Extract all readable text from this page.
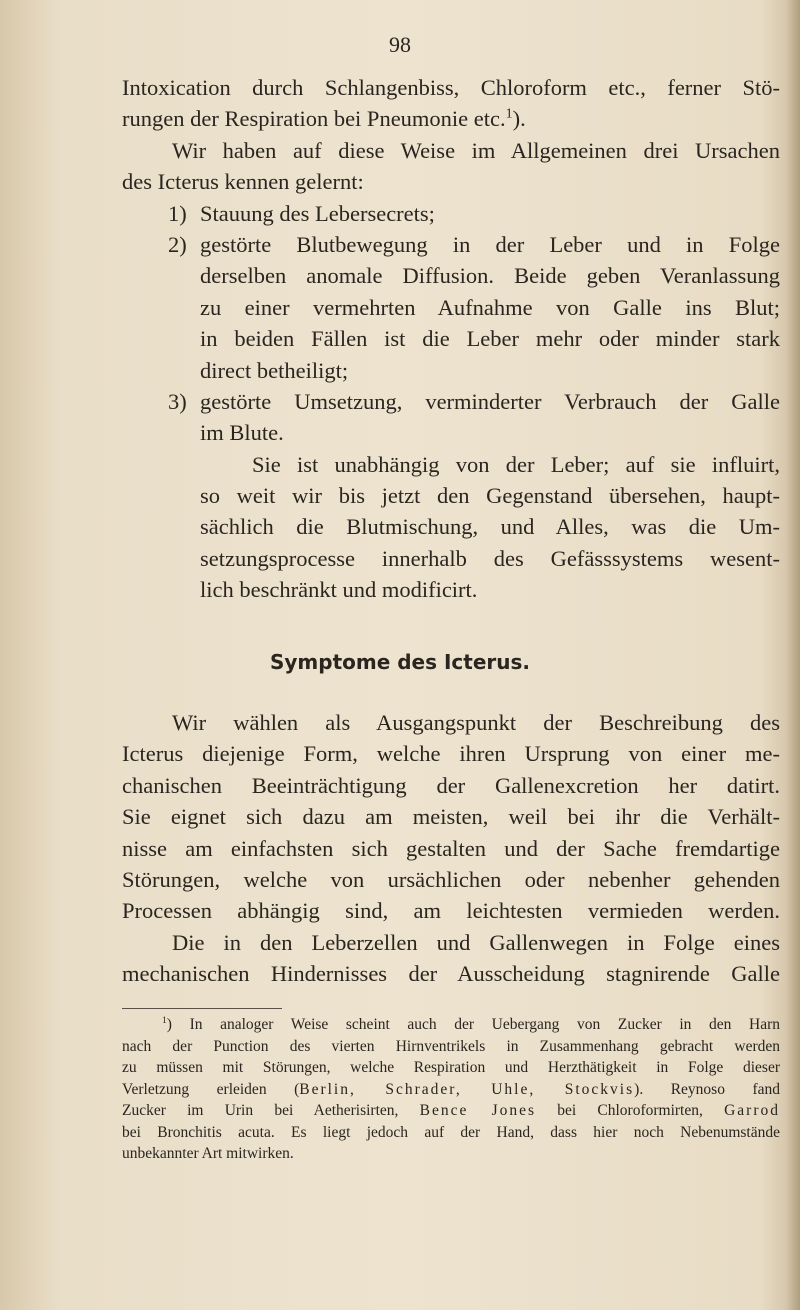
98
Intoxication durch Schlangenbiss, Chloroform etc., ferner Stö-
rungen der Respiration bei Pneumonie etc.$^1$).
Wir haben auf diese Weise im Allgemeinen drei Ursachen
des Icterus kennen gelernt:
1) Stauung des Lebersecrets;
2) gestörte Blutbewegung in der Leber und in Folge
derselben anomale Diffusion. Beide geben Veranlassung
zu einer vermehrten Aufnahme von Galle ins Blut;
in beiden Fällen ist die Leber mehr oder minder stark
direct betheiligt;
3) gestörte Umsetzung, verminderter Verbrauch der Galle
im Blute.
Sie ist unabhängig von der Leber; auf sie influirt,
so weit wir bis jetzt den Gegenstand übersehen, haupt-
sächlich die Blutmischung, und Alles, was die Um-
setzungsprocesse innerhalb des Gefässsystems wesent-
lich beschränkt und modificirt.
Symptome des Icterus.
Wir wählen als Ausgangspunkt der Beschreibung des
Icterus diejenige Form, welche ihren Ursprung von einer me-
chanischen Beeinträchtigung der Gallenexcretion her datirt.
Sie eignet sich dazu am meisten, weil bei ihr die Verhält-
nisse am einfachsten sich gestalten und der Sache fremdartige
Störungen, welche von ursächlichen oder nebenher gehenden
Processen abhängig sind, am leichtesten vermieden werden.
Die in den Leberzellen und Gallenwegen in Folge eines
mechanischen Hindernisses der Ausscheidung stagnirende Galle
$^1$) In analoger Weise scheint auch der Uebergang von Zucker in den Harn
nach der Punction des vierten Hirnventrikels in Zusammenhang gebracht werden
zu müssen mit Störungen, welche Respiration und Herzthätigkeit in Folge dieser
Verletzung erleiden (Berlin, Schrader, Uhle, Stockvis). Reynoso fand
Zucker im Urin bei Aetherisirten, Bence Jones bei Chloroformirten, Garrod
bei Bronchitis acuta. Es liegt jedoch auf der Hand, dass hier noch Nebenumstände
unbekannter Art mitwirken.
